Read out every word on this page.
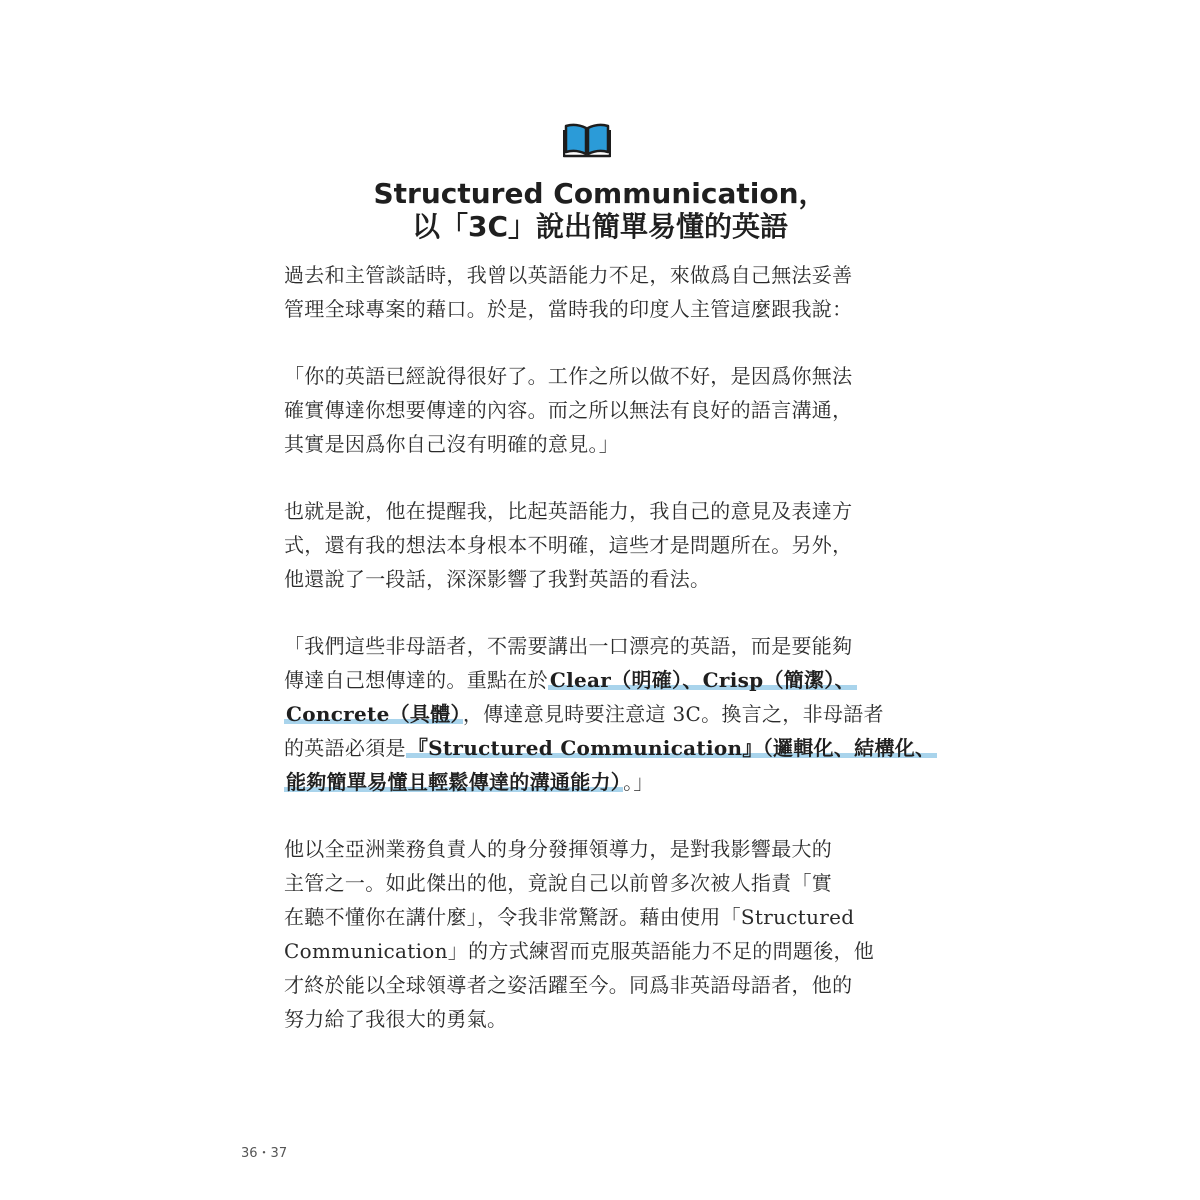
Structured Communication，
以「3C」說出簡單易懂的英語
過去和主管談話時，我曾以英語能力不足，來做爲自己無法妥善
管理全球專案的藉口。於是，當時我的印度人主管這麼跟我說：
「你的英語已經說得很好了。工作之所以做不好，是因爲你無法
確實傳達你想要傳達的內容。而之所以無法有良好的語言溝通，
其實是因爲你自己沒有明確的意見。」
也就是說，他在提醒我，比起英語能力，我自己的意見及表達方
式，還有我的想法本身根本不明確，這些才是問題所在。另外，
他還說了一段話，深深影響了我對英語的看法。
「我們這些非母語者，不需要講出一口漂亮的英語，而是要能夠
傳達自己想傳達的。重點在於 Clear（明確）、Crisp（簡潔）、
Concrete（具體） ，傳達意見時要注意這 3C。換言之，非母語者
的英語必須是 『Structured Communication』（邏輯化、結構化、
能夠簡單易懂且輕鬆傳達的溝通能力） 。」
他以全亞洲業務負責人的身分發揮領導力，是對我影響最大的
主管之一。如此傑出的他，竟說自己以前曾多次被人指責「實
在聽不懂你在講什麼」，令我非常驚訝。藉由使用「Structured
Communication」的方式練習而克服英語能力不足的問題後，他
才終於能以全球領導者之姿活躍至今。同爲非英語母語者，他的
努力給了我很大的勇氣。
36・37
